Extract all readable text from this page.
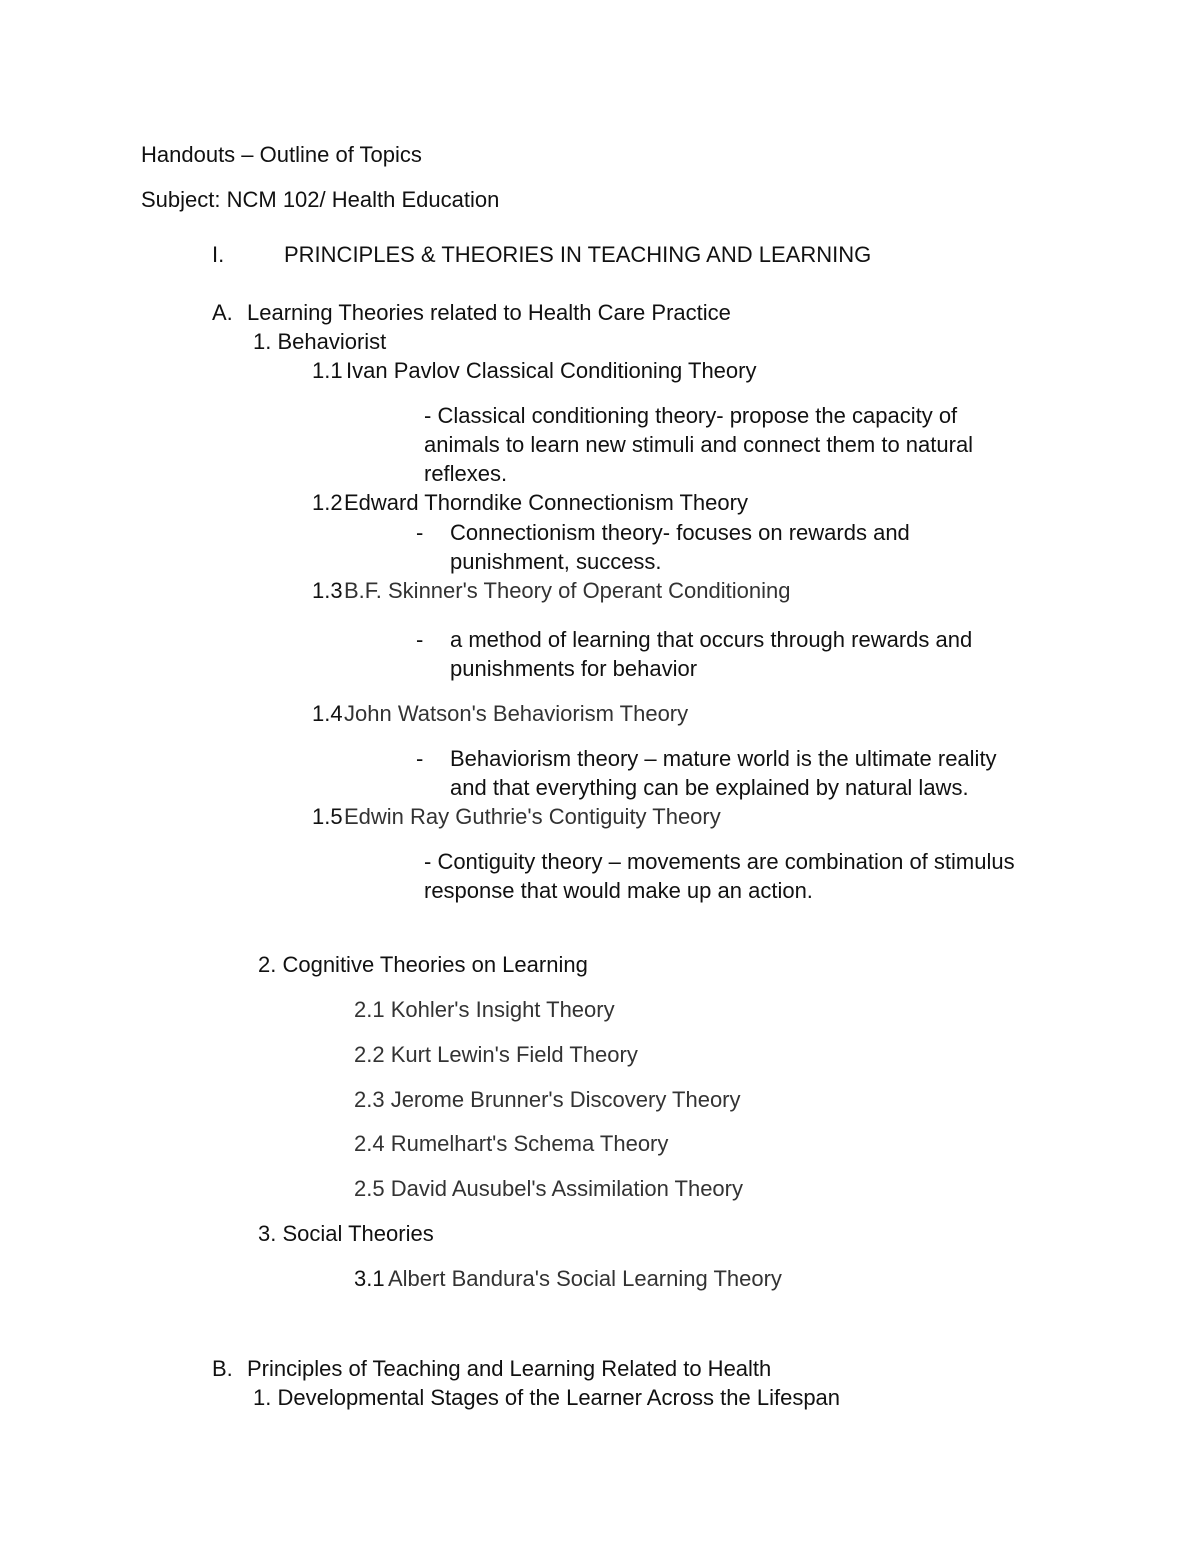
Handouts – Outline of Topics
Subject: NCM 102/ Health Education
I.	PRINCIPLES & THEORIES IN TEACHING AND LEARNING
A. Learning Theories related to Health Care Practice
1. Behaviorist
1.1 Ivan Pavlov Classical Conditioning Theory
- Classical conditioning theory- propose the capacity of
animals to learn new stimuli and connect them to natural
reflexes.
1.2 Edward Thorndike Connectionism Theory
- Connectionism theory- focuses on rewards and
punishment, success.
1.3 B.F. Skinner's Theory of Operant Conditioning
- a method of learning that occurs through rewards and
punishments for behavior
1.4 John Watson's Behaviorism Theory
- Behaviorism theory – mature world is the ultimate reality
and that everything can be explained by natural laws.
1.5 Edwin Ray Guthrie's Contiguity Theory
- Contiguity theory – movements are combination of stimulus
response that would make up an action.
2. Cognitive Theories on Learning
2.1 Kohler's Insight Theory
2.2 Kurt Lewin's Field Theory
2.3 Jerome Brunner's Discovery Theory
2.4 Rumelhart's Schema Theory
2.5 David Ausubel's Assimilation Theory
3. Social Theories
3.1 Albert Bandura's Social Learning Theory
B. Principles of Teaching and Learning Related to Health
1. Developmental Stages of the Learner Across the Lifespan
